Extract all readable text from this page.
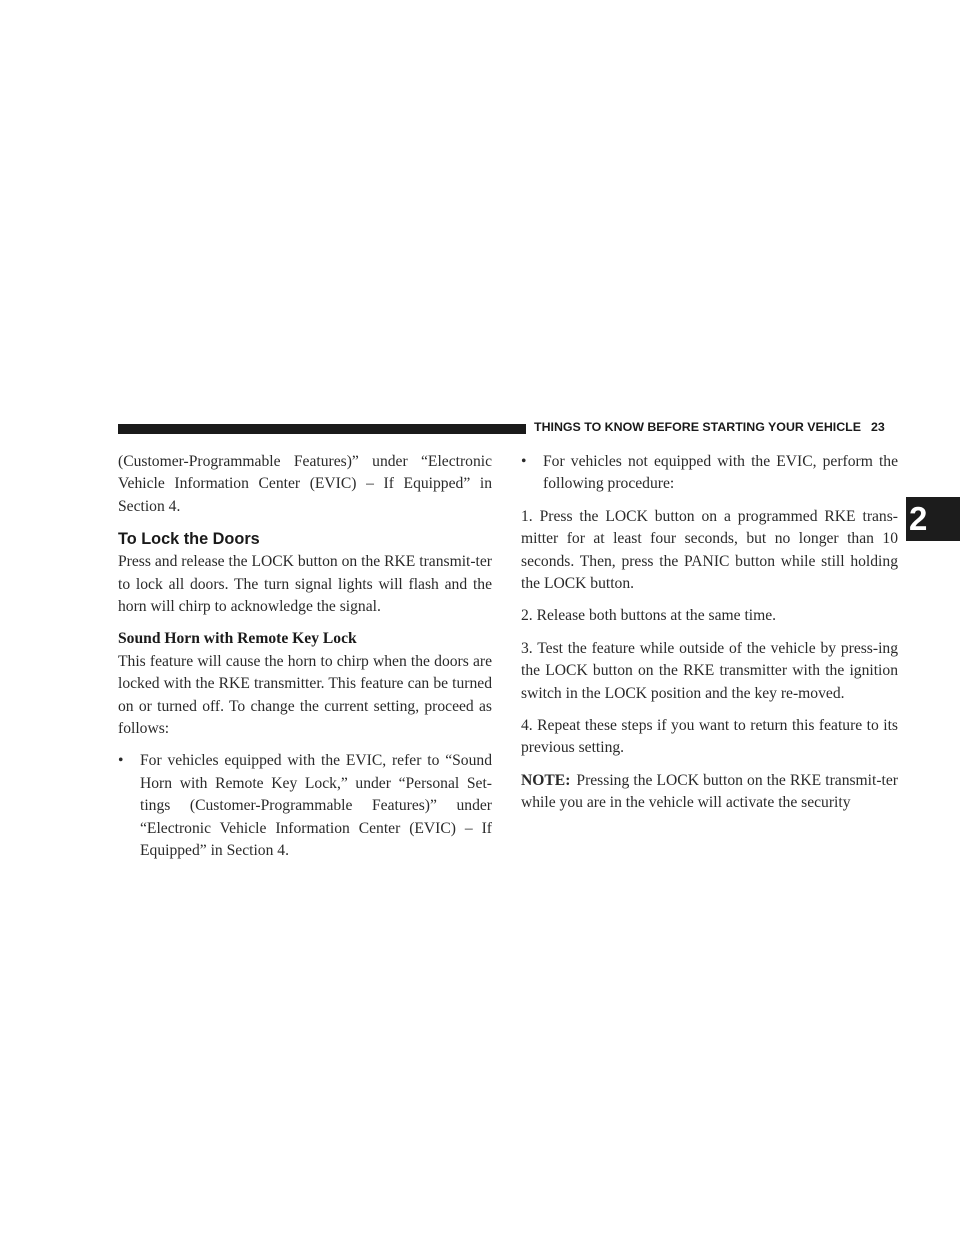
THINGS TO KNOW BEFORE STARTING YOUR VEHICLE 23
2

(Customer-Programmable Features)” under “Electronic Vehicle Information Center (EVIC) – If Equipped” in Section 4.

To Lock the Doors

Press and release the LOCK button on the RKE transmit-ter to lock all doors. The turn signal lights will flash and the horn will chirp to acknowledge the signal.

Sound Horn with Remote Key Lock

This feature will cause the horn to chirp when the doors are locked with the RKE transmitter. This feature can be turned on or turned off. To change the current setting, proceed as follows:

•	For vehicles equipped with the EVIC, refer to “Sound Horn with Remote Key Lock,” under “Personal Set-tings (Customer-Programmable Features)” under “Electronic Vehicle Information Center (EVIC) – If Equipped” in Section 4.
•	For vehicles not equipped with the EVIC, perform the following procedure:

1. Press the LOCK button on a programmed RKE trans-mitter for at least four seconds, but no longer than 10 seconds. Then, press the PANIC button while still holding the LOCK button.

2. Release both buttons at the same time.

3. Test the feature while outside of the vehicle by press-ing the LOCK button on the RKE transmitter with the ignition switch in the LOCK position and the key re-moved.

4. Repeat these steps if you want to return this feature to its previous setting.

NOTE: Pressing the LOCK button on the RKE transmit-ter while you are in the vehicle will activate the security
